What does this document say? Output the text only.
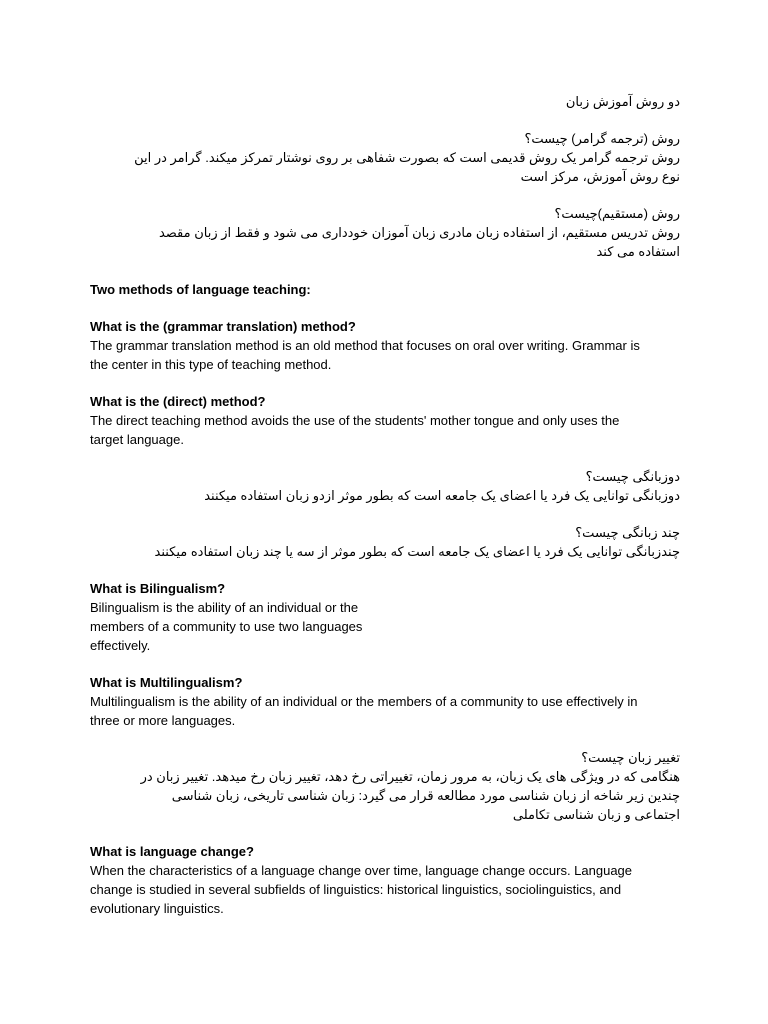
دو روش آموزش زبان
روش (ترجمه گرامر) چیست؟
روش ترجمه گرامر یک روش قدیمی است که بصورت شفاهی بر روی نوشتار تمرکز میکند. گرامر در این
نوع روش آموزش، مرکز است
روش (مستقیم)چیست؟
روش تدریس مستقیم، از استفاده زبان مادری زبان آموزان خودداری می شود و فقط از زبان مقصد
استفاده می کند
Two methods of language teaching:
What is the (grammar translation) method?
The grammar translation method is an old method that focuses on oral over writing. Grammar is
the center in this type of teaching method.
What is the (direct) method?
The direct teaching method avoids the use of the students' mother tongue and only uses the
target language.
دوزبانگی چیست؟
دوزبانگی توانایی یک فرد یا اعضای یک جامعه است که بطور موثر ازدو زبان استفاده میکنند
چند زبانگی چیست؟
چندزبانگی توانایی یک فرد یا اعضای یک جامعه است که بطور موثر از سه یا چند زبان استفاده میکنند
What is Bilingualism?
Bilingualism is the ability of an individual or the
members of a community to use two languages
effectively.
What is Multilingualism?
Multilingualism is the ability of an individual or the members of a community to use effectively in
three or more languages.
تغییر زبان چیست؟
هنگامی که در ویژگی های یک زبان، به مرور زمان، تغییراتی رخ دهد، تغییر زبان رخ میدهد. تغییر زبان در
چندین زیر شاخه از زبان شناسی مورد مطالعه قرار می گیرد: زبان شناسی تاریخی، زبان شناسی
اجتماعی و زبان شناسی تکاملی
What is language change?
When the characteristics of a language change over time, language change occurs. Language
change is studied in several subfields of linguistics: historical linguistics, sociolinguistics, and
evolutionary linguistics.
